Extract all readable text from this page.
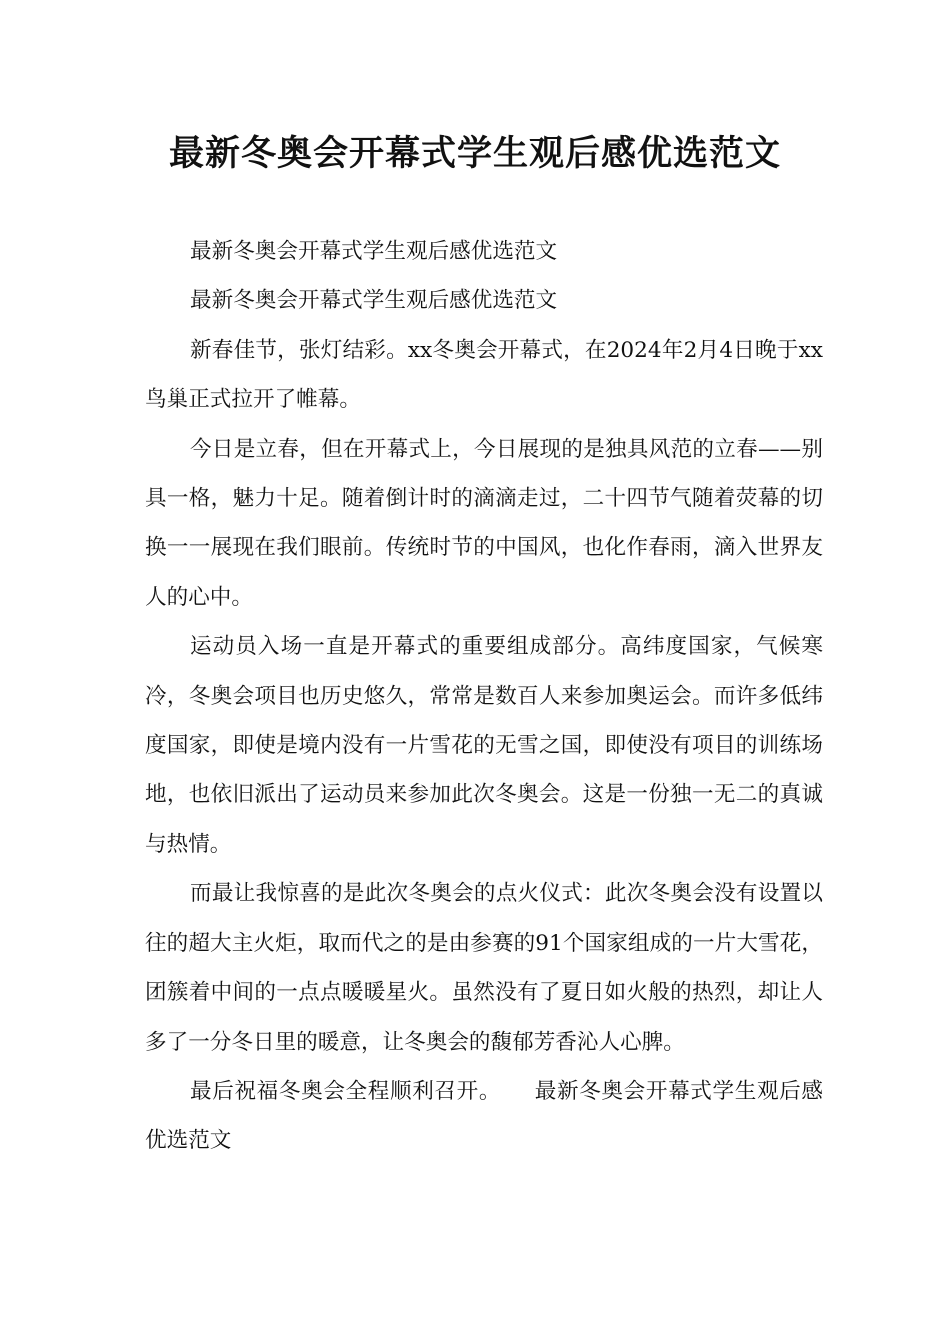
最新冬奥会开幕式学生观后感优选范文

最新冬奥会开幕式学生观后感优选范文

最新冬奥会开幕式学生观后感优选范文

新春佳节，张灯结彩。xx冬奥会开幕式，在2024年2月4日晚于xx鸟巢正式拉开了帷幕。

今日是立春，但在开幕式上，今日展现的是独具风范的立春——别具一格，魅力十足。随着倒计时的滴滴走过，二十四节气随着荧幕的切换一一展现在我们眼前。传统时节的中国风，也化作春雨，滴入世界友人的心中。

运动员入场一直是开幕式的重要组成部分。高纬度国家，气候寒冷，冬奥会项目也历史悠久，常常是数百人来参加奥运会。而许多低纬度国家，即使是境内没有一片雪花的无雪之国，即使没有项目的训练场地，也依旧派出了运动员来参加此次冬奥会。这是一份独一无二的真诚与热情。

而最让我惊喜的是此次冬奥会的点火仪式：此次冬奥会没有设置以往的超大主火炬，取而代之的是由参赛的91个国家组成的一片大雪花，团簇着中间的一点点暖暖星火。虽然没有了夏日如火般的热烈，却让人多了一分冬日里的暖意，让冬奥会的馥郁芳香沁人心脾。

最后祝福冬奥会全程顺利召开。　　最新冬奥会开幕式学生观后感优选范文
